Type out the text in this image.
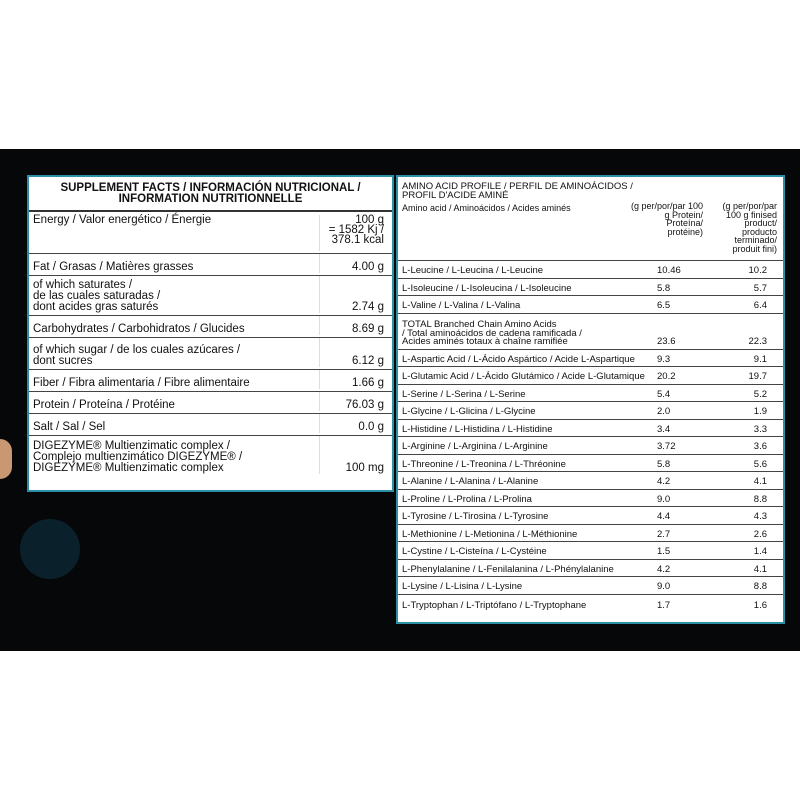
SUPPLEMENT FACTS / INFORMACIÓN NUTRICIONAL /
INFORMATION NUTRITIONNELLE
Energy / Valor energético / Énergie	100 g
= 1582 Kj /
378.1 kcal
Fat / Grasas / Matières grasses	4.00 g
of which saturates /
de las cuales saturadas /
dont acides gras saturés	2.74 g
Carbohydrates / Carbohidratos / Glucides	8.69 g
of which sugar / de los cuales azúcares /
dont sucres	6.12 g
Fiber / Fibra alimentaria / Fibre alimentaire	1.66 g
Protein / Proteína / Protéine	76.03 g
Salt / Sal / Sel	0.0 g
DIGEZYME® Multienzimatic complex /
Complejo multienzimático DIGEZYME® /
DIGEZYME® Multienzimatic complex	100 mg
AMINO ACID PROFILE / PERFIL DE AMINOÁCIDOS /
PROFIL D'ACIDE AMINÉ
Amino acid / Aminoácidos / Acides aminés	(g per/por/par 100
g Protein/
Proteína/
protéine)
(g per/por/par
100 g finised
product/
producto
terminado/
produit fini)
L-Leucine / L-Leucina / L-Leucine	10.46	10.2
L-Isoleucine / L-Isoleucina / L-Isoleucine	5.8	5.7
L-Valine / L-Valina / L-Valina	6.5	6.4
TOTAL Branched Chain Amino Acids
/ Total aminoácidos de cadena ramificada /
Acides aminés totaux à chaîne ramifiée	23.6	22.3
L-Aspartic Acid / L-Ácido Aspártico / Acide L-Aspartique	9.3	9.1
L-Glutamic Acid / L-Ácido Glutámico / Acide L-Glutamique	20.2	19.7
L-Serine / L-Serina / L-Serine	5.4	5.2
L-Glycine / L-Glicina / L-Glycine	2.0	1.9
L-Histidine / L-Histidina / L-Histidine	3.4	3.3
L-Arginine / L-Arginina / L-Arginine	3.72	3.6
L-Threonine / L-Treonina / L-Thréonine	5.8	5.6
L-Alanine / L-Alanina / L-Alanine	4.2	4.1
L-Proline / L-Prolina / L-Prolina	9.0	8.8
L-Tyrosine / L-Tirosina / L-Tyrosine	4.4	4.3
L-Methionine / L-Metionina / L-Méthionine	2.7	2.6
L-Cystine / L-Cisteína / L-Cystéine	1.5	1.4
L-Phenylalanine / L-Fenilalanina / L-Phénylalanine	4.2	4.1
L-Lysine / L-Lisina / L-Lysine	9.0	8.8
L-Tryptophan / L-Triptófano / L-Tryptophane	1.7	1.6
